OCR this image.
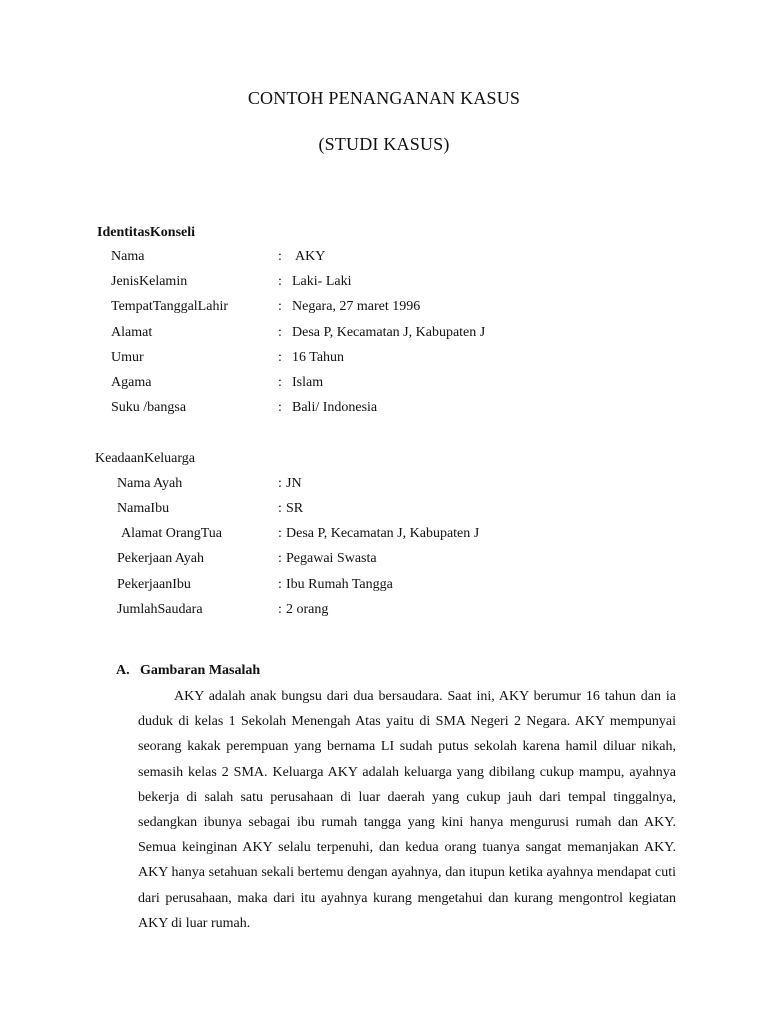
CONTOH PENANGANAN KASUS
(STUDI KASUS)
IdentitasKonseli
Nama	: AKY
JenisKelamin	: Laki- Laki
TempatTanggalLahir	: Negara, 27 maret 1996
Alamat	: Desa P, Kecamatan J, Kabupaten J
Umur	: 16 Tahun
Agama	: Islam
Suku /bangsa	: Bali/ Indonesia
KeadaanKeluarga
Nama Ayah	: JN
NamaIbu	: SR
Alamat OrangTua	: Desa P, Kecamatan J, Kabupaten J
Pekerjaan Ayah	: Pegawai Swasta
PekerjaanIbu	: Ibu Rumah Tangga
JumlahSaudara	: 2 orang
A. Gambaran Masalah

AKY adalah anak bungsu dari dua bersaudara. Saat ini, AKY berumur 16 tahun dan ia duduk di kelas 1 Sekolah Menengah Atas yaitu di SMA Negeri 2 Negara. AKY mempunyai seorang kakak perempuan yang bernama LI sudah putus sekolah karena hamil diluar nikah, semasih kelas 2 SMA. Keluarga AKY adalah keluarga yang dibilang cukup mampu, ayahnya bekerja di salah satu perusahaan di luar daerah yang cukup jauh dari tempal tinggalnya, sedangkan ibunya sebagai ibu rumah tangga yang kini hanya mengurusi rumah dan AKY. Semua keinginan AKY selalu terpenuhi, dan kedua orang tuanya sangat memanjakan AKY. AKY hanya setahuan sekali bertemu dengan ayahnya, dan itupun ketika ayahnya mendapat cuti dari perusahaan, maka dari itu ayahnya kurang mengetahui dan kurang mengontrol kegiatan AKY di luar rumah.
